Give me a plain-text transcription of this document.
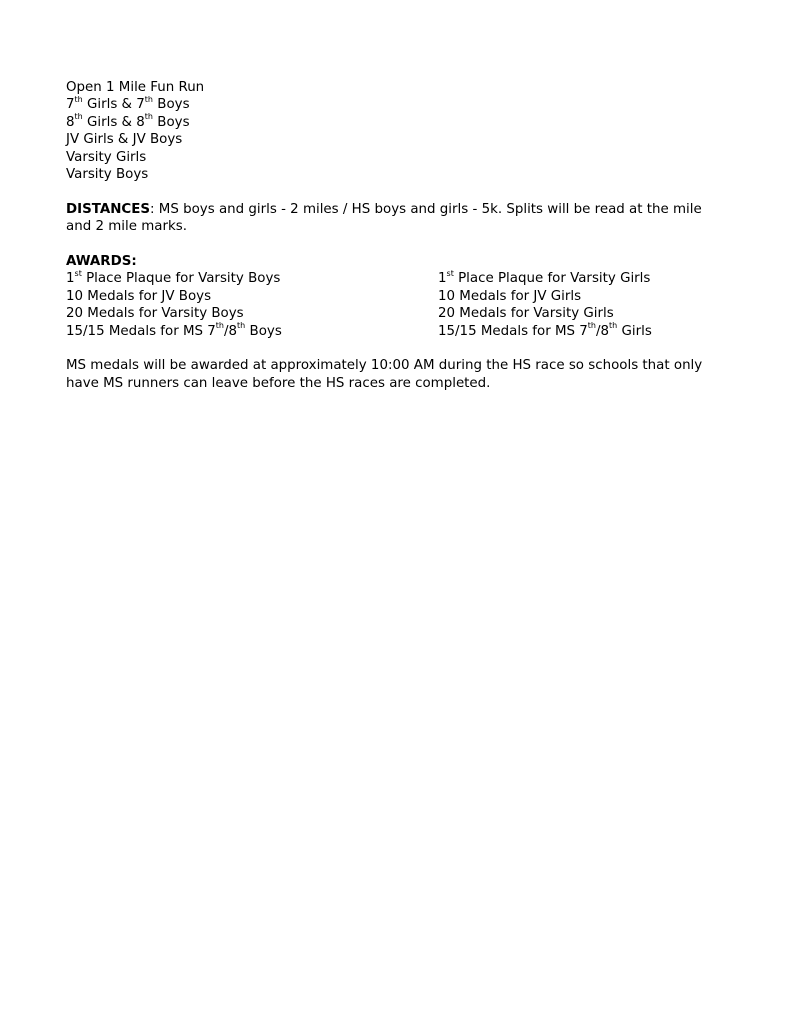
Open 1 Mile Fun Run
7th Girls & 7th Boys
8th Girls & 8th Boys
JV Girls & JV Boys
Varsity Girls
Varsity Boys
DISTANCES: MS boys and girls - 2 miles / HS boys and girls - 5k. Splits will be read at the mile and 2 mile marks.
AWARDS:
1st Place Plaque for Varsity Boys	1st Place Plaque for Varsity Girls
10 Medals for JV Boys	10 Medals for JV Girls
20 Medals for Varsity Boys	20 Medals for Varsity Girls
15/15 Medals for MS 7th/8th Boys	15/15 Medals for MS 7th/8th Girls
MS medals will be awarded at approximately 10:00 AM during the HS race so schools that only have MS runners can leave before the HS races are completed.
